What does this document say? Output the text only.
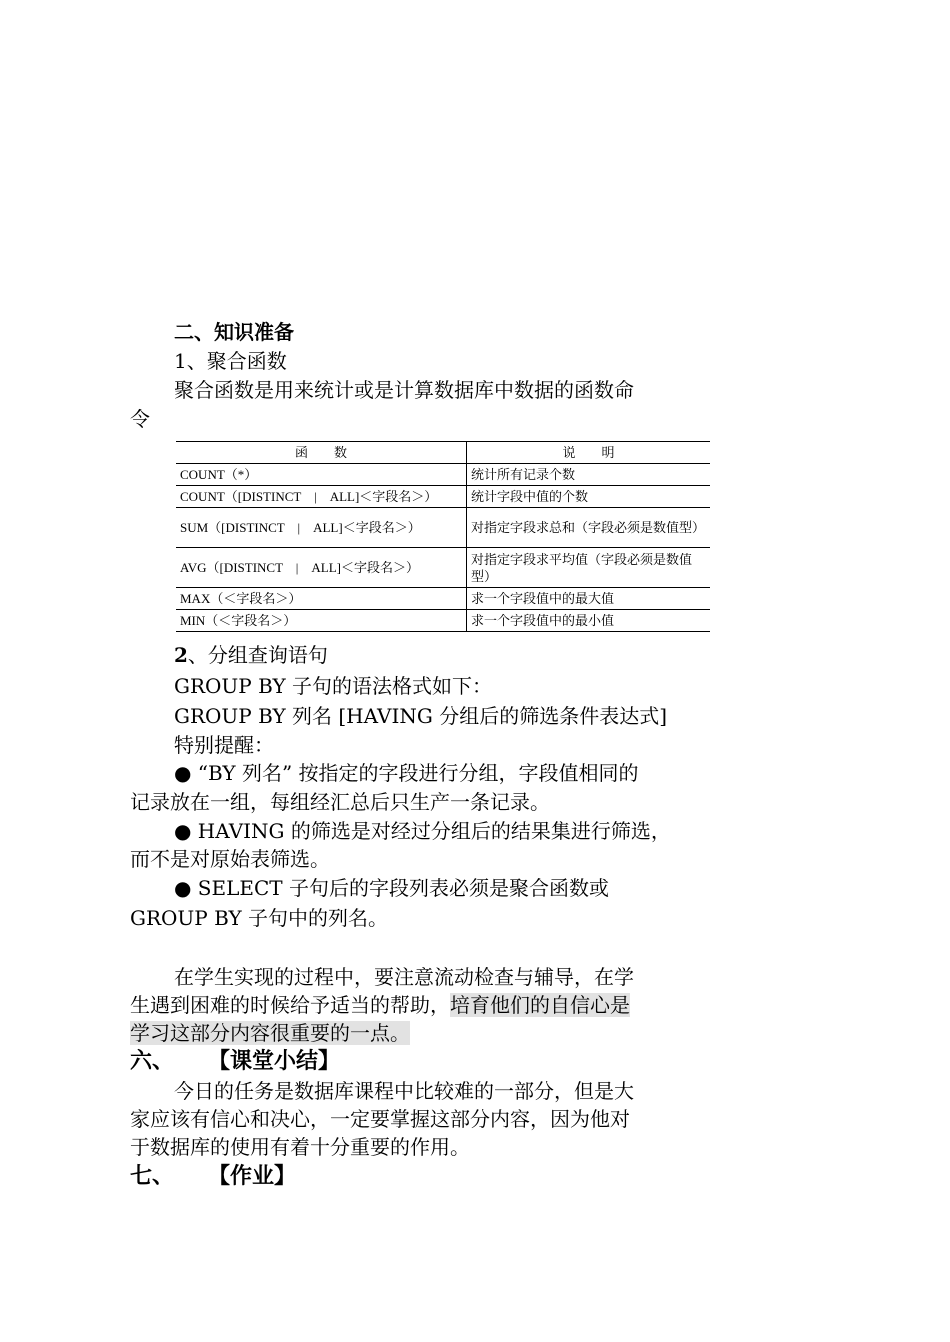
二、知识准备
1、聚合函数
聚合函数是用来统计或是计算数据库中数据的函数命
令
函　　数	说　　明
COUNT（*）	统计所有记录个数
COUNT（[DISTINCT　|　ALL]＜字段名＞）	统计字段中值的个数
SUM（[DISTINCT　|　ALL]＜字段名＞）	对指定字段求总和（字段必须是数值型）
AVG（[DISTINCT　|　ALL]＜字段名＞）	对指定字段求平均值（字段必须是数值型）
MAX（＜字段名＞）	求一个字段值中的最大值
MIN（＜字段名＞）	求一个字段值中的最小值
2、分组查询语句
GROUP BY 子句的语法格式如下：
GROUP BY 列名 [HAVING 分组后的筛选条件表达式]
特别提醒：
● “BY 列名” 按指定的字段进行分组，字段值相同的
记录放在一组，每组经汇总后只生产一条记录。
● HAVING 的筛选是对经过分组后的结果集进行筛选，
而不是对原始表筛选。
● SELECT 子句后的字段列表必须是聚合函数或
GROUP BY 子句中的列名。
在学生实现的过程中，要注意流动检查与辅导，在学
生遇到困难的时候给予适当的帮助，培育他们的自信心是
学习这部分内容很重要的一点。
六、 【课堂小结】
今日的任务是数据库课程中比较难的一部分，但是大
家应该有信心和决心，一定要掌握这部分内容，因为他对
于数据库的使用有着十分重要的作用。
七、 【作业】
